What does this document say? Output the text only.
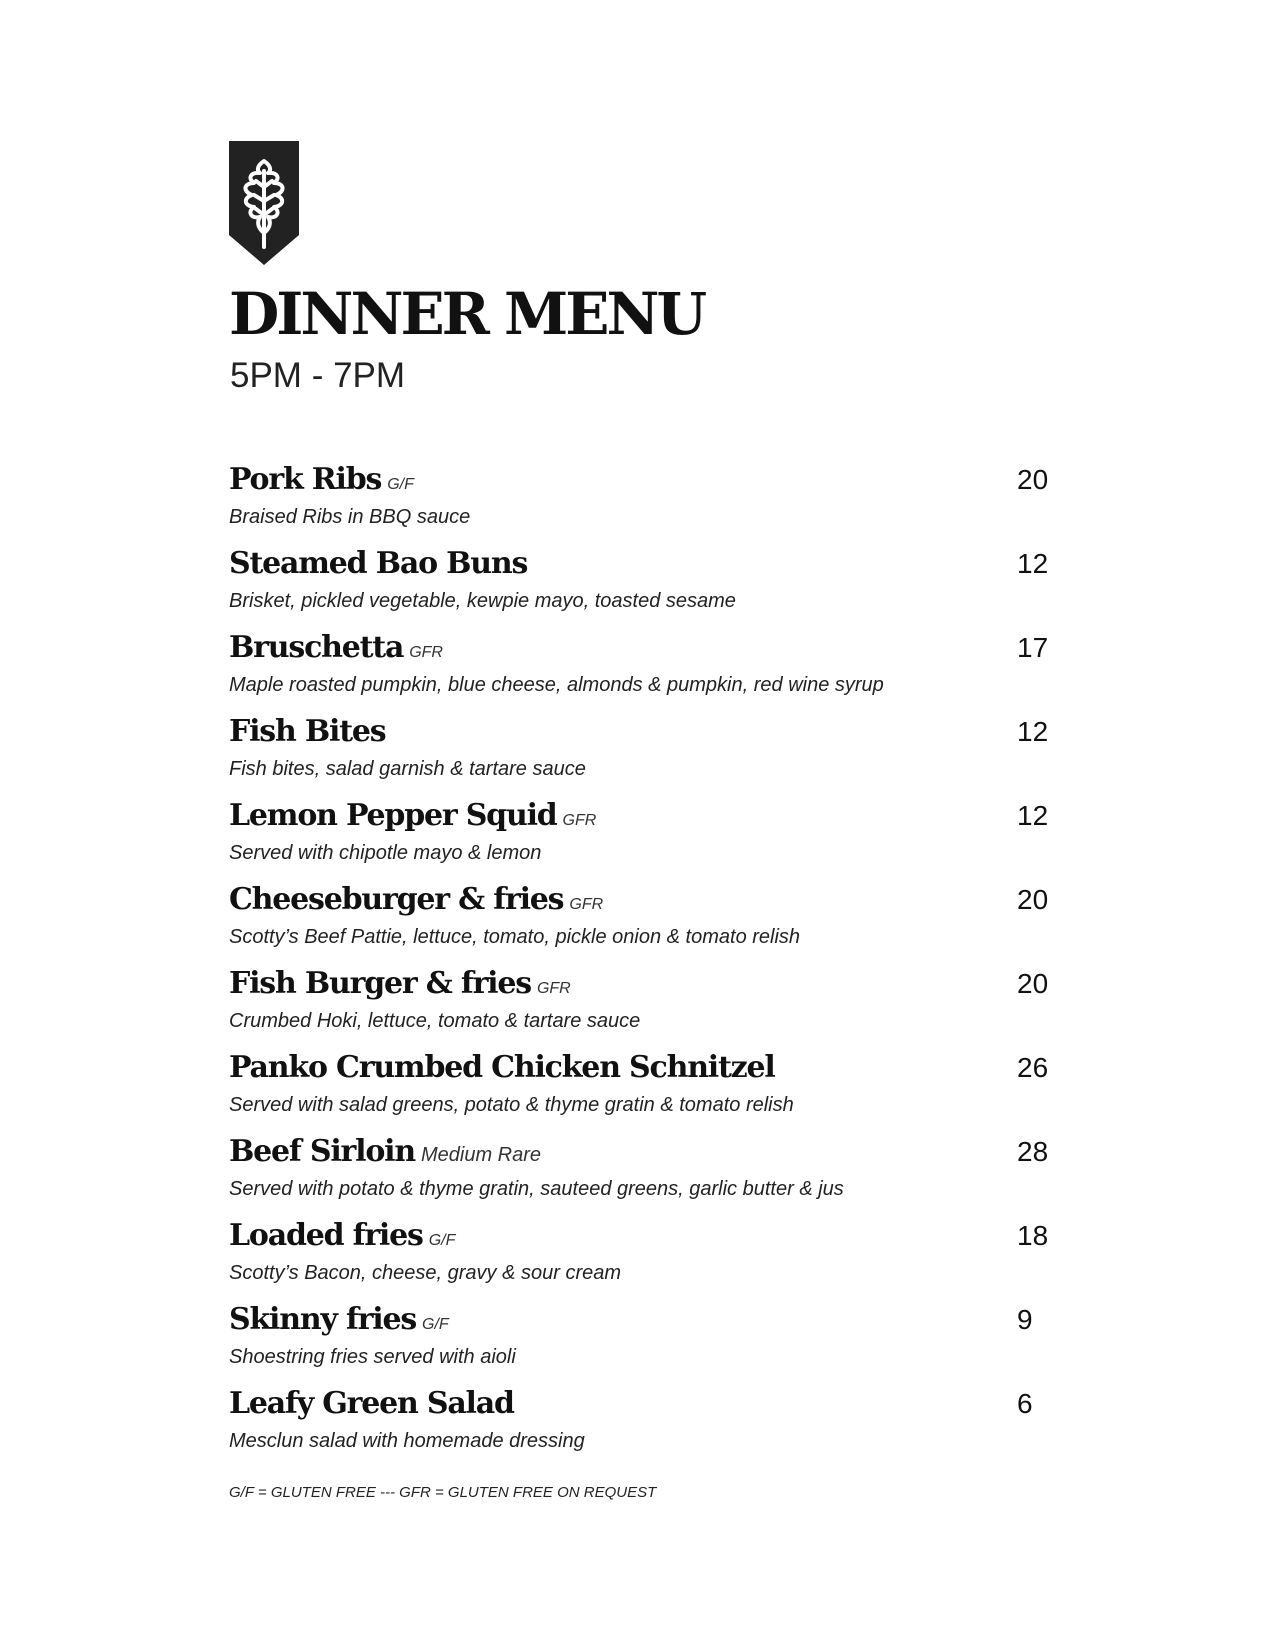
DINNER MENU
5PM - 7PM
Pork Ribs G/F	20
Braised Ribs in BBQ sauce
Steamed Bao Buns	12
Brisket, pickled vegetable, kewpie mayo, toasted sesame
Bruschetta GFR	17
Maple roasted pumpkin, blue cheese, almonds & pumpkin, red wine syrup
Fish Bites	12
Fish bites, salad garnish & tartare sauce
Lemon Pepper Squid GFR	12
Served with chipotle mayo & lemon
Cheeseburger & fries GFR	20
Scotty’s Beef Pattie, lettuce, tomato, pickle onion & tomato relish
Fish Burger & fries GFR	20
Crumbed Hoki, lettuce, tomato & tartare sauce
Panko Crumbed Chicken Schnitzel	26
Served with salad greens, potato & thyme gratin & tomato relish
Beef Sirloin Medium Rare	28
Served with potato & thyme gratin, sauteed greens, garlic butter & jus
Loaded fries G/F	18
Scotty’s Bacon, cheese, gravy & sour cream
Skinny fries G/F	9
Shoestring fries served with aioli
Leafy Green Salad	6
Mesclun salad with homemade dressing
G/F = GLUTEN FREE --- GFR = GLUTEN FREE ON REQUEST
